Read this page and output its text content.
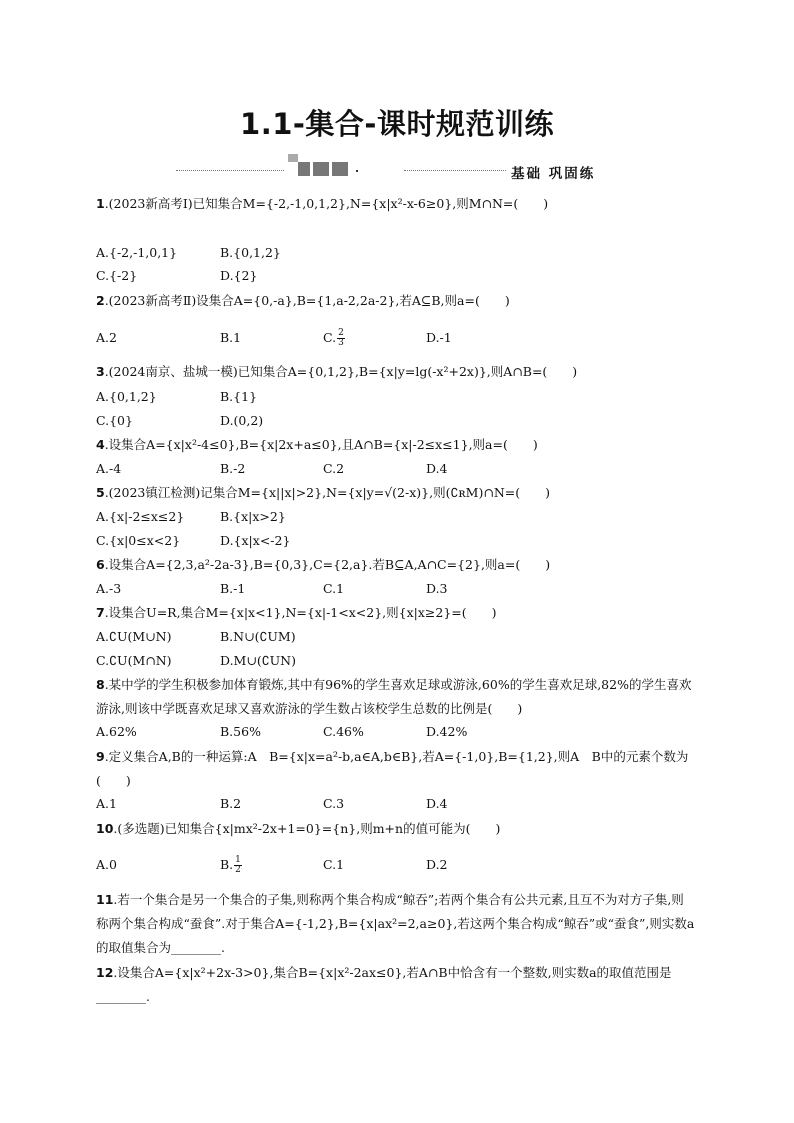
1.1-集合-课时规范训练
基础 巩固练
1.(2023新高考Ⅰ)已知集合M={-2,-1,0,1,2},N={x|x²-x-6≥0},则M∩N=(　　)
A.{-2,-1,0,1}	B.{0,1,2}
C.{-2}	D.{2}
2.(2023新高考Ⅱ)设集合A={0,-a},B={1,a-2,2a-2},若A⊆B,则a=(　　)
A.2	B.1	C. $\frac{2}{3}$	D.-1
3.(2024南京、盐城一模)已知集合A={0,1,2},B={x|y=lg(-x²+2x)},则A∩B=(　　)
A.{0,1,2}	B.{1}
C.{0}	D.(0,2)
4.设集合A={x|x²-4≤0},B={x|2x+a≤0},且A∩B={x|-2≤x≤1},则a=(　　)
A.-4	B.-2	C.2	D.4
5.(2023镇江检测)记集合M={x||x|>2},N={x|y=√(2-x)},则(∁ʀM)∩N=(　　)
A.{x|-2≤x≤2}	B.{x|x>2}
C.{x|0≤x<2}	D.{x|x<-2}
6.设集合A={2,3,a²-2a-3},B={0,3},C={2,a}.若B⊆A,A∩C={2},则a=(　　)
A.-3	B.-1	C.1	D.3
7.设集合U=R,集合M={x|x<1},N={x|-1<x<2},则{x|x≥2}=(　　)
A.∁U(M∪N)	B.N∪(∁UM)
C.∁U(M∩N)	D.M∪(∁UN)
8.某中学的学生积极参加体育锻炼,其中有96%的学生喜欢足球或游泳,60%的学生喜欢足球,82%的学生喜欢游泳,则该中学既喜欢足球又喜欢游泳的学生数占该校学生总数的比例是(　　)
A.62%	B.56%	C.46%	D.42%
9.定义集合A,B的一种运算:A　B={x|x=a²-b,a∈A,b∈B},若A={-1,0},B={1,2},则A　B中的元素个数为(　　)
A.1	B.2	C.3	D.4
10.(多选题)已知集合{x|mx²-2x+1=0}={n},则m+n的值可能为(　　)
A.0	B. $\frac{1}{2}$	C.1	D.2
11.若一个集合是另一个集合的子集,则称两个集合构成“鲸吞”;若两个集合有公共元素,且互不为对方子集,则称两个集合构成“蚕食”.对于集合A={-1,2},B={x|ax²=2,a≥0},若这两个集合构成“鲸吞”或“蚕食”,则实数a的取值集合为________.
12.设集合A={x|x²+2x-3>0},集合B={x|x²-2ax≤0},若A∩B中恰含有一个整数,则实数a的取值范围是________.
